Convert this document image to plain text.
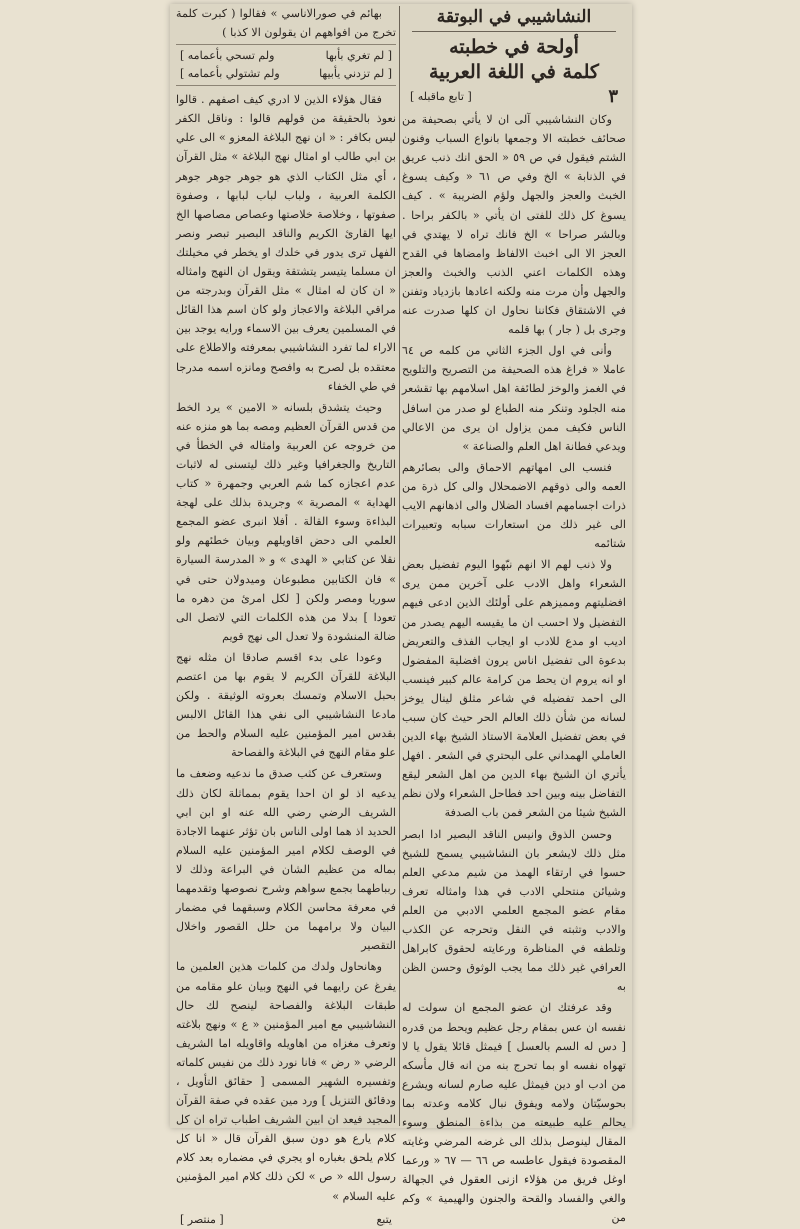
النشاشيبي في البوتقة
أولحة في خطبته
كلمة في اللغة العربية
٣
[ تابع ماقبله ]

وكان النشاشيبي آلى ان لا يأتي بصحيفة من صحائف خطبته الا وجمعها بانواع السباب وفنون الشتم فيقول في ص ٥٩ « الحق انك ذنب عريق في الذنابة » الخ وفي ص ٦١ « وكيف يسوغ الخبث والعجز والجهل ولؤم الضريبة » . كيف يسوغ كل ذلك للفتى ان يأتي « بالكفر براحا . وبالشر صراحا » الخ فانك تراه لا يهتدي في العجز الا الى اخبث الالفاظ وامضاها في القدح وهذه الكلمات اعني الذنب والخبث والعجز والجهل وأن مرت منه ولكنه اعادها بازدياد وتفنن في الاشتقاق فكاننا نحاول ان كلها صدرت عنه وجرى بل ( جار ) بها قلمه

وأنى في اول الجزء الثاني من كلمه ص ٦٤ عاملا « فراغ هذه الصحيفة من التصريح والتلويح في الغمز والوخز لطائفة اهل اسلامهم بها تقشعر منه الجلود وتنكر منه الطباع لو صدر من اسافل الناس فكيف ممن يزاول ان يرى من الاعالي ويدعي فطانة اهل العلم والصناعة »

فنسب الى امهاتهم الاحماق والى بصائرهم العمه والى ذوقهم الاضمحلال والى كل ذرة من ذرات اجسامهم افساد الضلال والى اذهانهم الايب الى غير ذلك من استعارات سبابه وتعبيرات شتائمه

ولا ذنب لهم الا انهم نبّهوا اليوم تفضيل بعض الشعراء واهل الادب على آخرين ممن يرى افضليتهم ومميزهم على أولئك الذين ادعى فيهم التفضيل ولا احسب ان ما يقيسه اليهم يصدر من اديب او مدع للادب او ايجاب الفذف والتعريض بدعوة الى تفضيل اناس يرون افضلية المفضول او انه يروم ان يحط من كرامة عالم كبير فينسب الى احمد تفضيله في شاعر مثلق لينال يوخز لسانه من شأن ذلك العالم الحر حيث كان سبب في بعض تفضيل العلامة الاستاذ الشيخ بهاء الدين العاملي الهمداني على البحتري في الشعر . افهل يأتري ان الشيخ بهاء الدين من اهل الشعر ليقع التفاضل بينه وبين احد فطاحل الشعراء ولان نظم الشيخ شيئا من الشعر فمن باب الصدفة

وحسن الذوق وانيس الناقد البصير ادا ابصر مثل ذلك لايشعر بان النشاشيبي يسمح للشيخ حسوا في ارتقاء الهمذ من شيم مدعي العلم وشيائن منتحلي الادب في هذا وامثاله تعرف مقام عضو المجمع العلمي الادبي من العلم والادب وتثبته في النقل وتحرجه عن الكذب وتلطفه في المناظرة ورعايته لحقوق كابراهل العرافي غير ذلك مما يجب الوثوق وحسن الظن به

وقد عرفتك ان عضو المجمع ان سولت له نفسه ان عس بمقام رجل عظيم ويحط من قدره [ دس له السم بالعسل ] فيمثل قائلا يقول يا لا تهواه نفسه او بما تحرج بنه من انه قال مأسكه من ادب او دين فيمثل عليه صارم لسانه ويشرع بحوسيّتان ولامه ويفوق نبال كلامه وعدته بما يحالم عليه طبيعته من بذاءة المنطق وسوء المقال لينوصل بذلك الى غرضه المرضي وغايته المقصودة فيقول عاطسه ص ٦٦ — ٦٧ « ورعما اوغل فريق من هؤلاء ازنى العقول في الجهالة والغي والفساد والقحة والجنون والهيمية » وكم من

بهائم في صورالاناسي » فقالوا ( كبرت كلمة تخرج من افواههم ان يقولون الا كذبا )

[ لم تغري بأبها
ولم تسحي بأعمامه ]
[ لم تزدني يأبيها
ولم تشتولي بأعمامه ]

فقال هؤلاء الذين لا ادري كيف اصفهم . قالوا نعوذ بالحقيقة من قولهم قالوا : وناقل الكفر ليس بكافر : « ان نهج البلاغة المعزو » الى علي بن ابي طالب او امثال نهج البلاغة » مثل القرآن ، أي مثل الكتاب الذي هو جوهر جوهر جوهر الكلمة العربية ، ولباب لباب لبابها ، وصفوة صفوتها ، وخلاصة خلاصتها وعصاص مصاصها الخ ايها القارئ الكريم والناقد البصير تبصر ونصر الفهل ترى يدور في خلدك او يخطر في مخيلتك ان مسلما يتيسر يتشتقة ويقول ان النهج وامثاله « ان كان له امثال » مثل القرآن وبدرجته من مراقي البلاغة والاعجاز ولو كان اسم هذا القائل في المسلمين يعرف بين الاسماء ورايه يوجد بين الاراء لما تفرد النشاشيبي بمعرفته والاطلاع على معتقده بل لصرح به وافصح ومانزه اسمه مدرجا في طي الخفاء

وحيث يتشدق بلسانه « الامين » يرد الخط من قدس القرآن العظيم ومصه بما هو منزه عنه من خروجه عن العربية وامثاله في الخطأ في التاريخ والجغرافيا وغير ذلك ليتسنى له لاثبات عدم اعجازه كما شم العربي وجمهرة « كتاب الهداية » المصرية » وجريدة بذلك على لهجة البذاءة وسوء القالة . أفلا انبرى عضو المجمع العلمي الى دحض اقاويلهم وبيان خطئهم ولو نقلا عن كتابي « الهدى » و « المدرسة السيارة » فان الكتابين مطبوعان وميدولان حتى في سوريا ومصر ولكن [ لكل امرئ من دهره ما تعودا ] بدلا من هذه الكلمات التي لاتصل الى ضالة المنشودة ولا تعدل الى نهج قويم

وعودا على بدء اقسم صادقا ان مثله نهج البلاغة للقرآن الكريم لا يقوم بها من اعتصم بحبل الاسلام وتمسك بعروته الوثيقة . ولكن مادعا النشاشيبي الى نفي هذا القائل الالبس بقدس امير المؤمنين عليه السلام والحط من علو مقام النهج في البلاغة والفصاحة

وستعرف عن كثب صدق ما ندعيه وضعف ما يدعيه اذ لو ان احدا يقوم بمماثلة لكان ذلك الشريف الرضي رضي الله عنه او ابن ابي الحديد اذ هما اولى الناس بان تؤثر عنهما الاجادة في الوصف لكلام امير المؤمنين عليه السلام بماله من عظيم الشان في البراعة وذلك لا ربباطهما بجمع سواهم وشرح نصوصها وتقدمهما في معرفة محاسن الكلام وسبقهما في مضمار البيان ولا برامهما من حلل القصور واخلال التقصير

وهانحاول ولدك من كلمات هذين العلمين ما يفرغ عن رايهما في النهج وبيان علو مقامه من طبقات البلاغة والفصاحة لينصح لك حال النشاشيبي مع امير المؤمنين « ع » ونهج بلاغته وتعرف مغزاه من اهاويله واقاويله اما الشريف الرضي « رض » فانا نورد ذلك من نفيس كلماته وتفسيره الشهير المسمى [ حقائق التأويل ، ودقائق التنزيل ] ورد مين عقده في صفة القرآن المجيد فيعد ان ابين الشريف اطباب تراه ان كل كلام يارع هو دون سبق القرآن قال « انا كل كلام يلحق بغباره او يجري في مضماره بعد كلام رسول الله « ص » لكن ذلك كلام امير المؤمنين عليه السلام »

يتبع
[ منتصر ]
